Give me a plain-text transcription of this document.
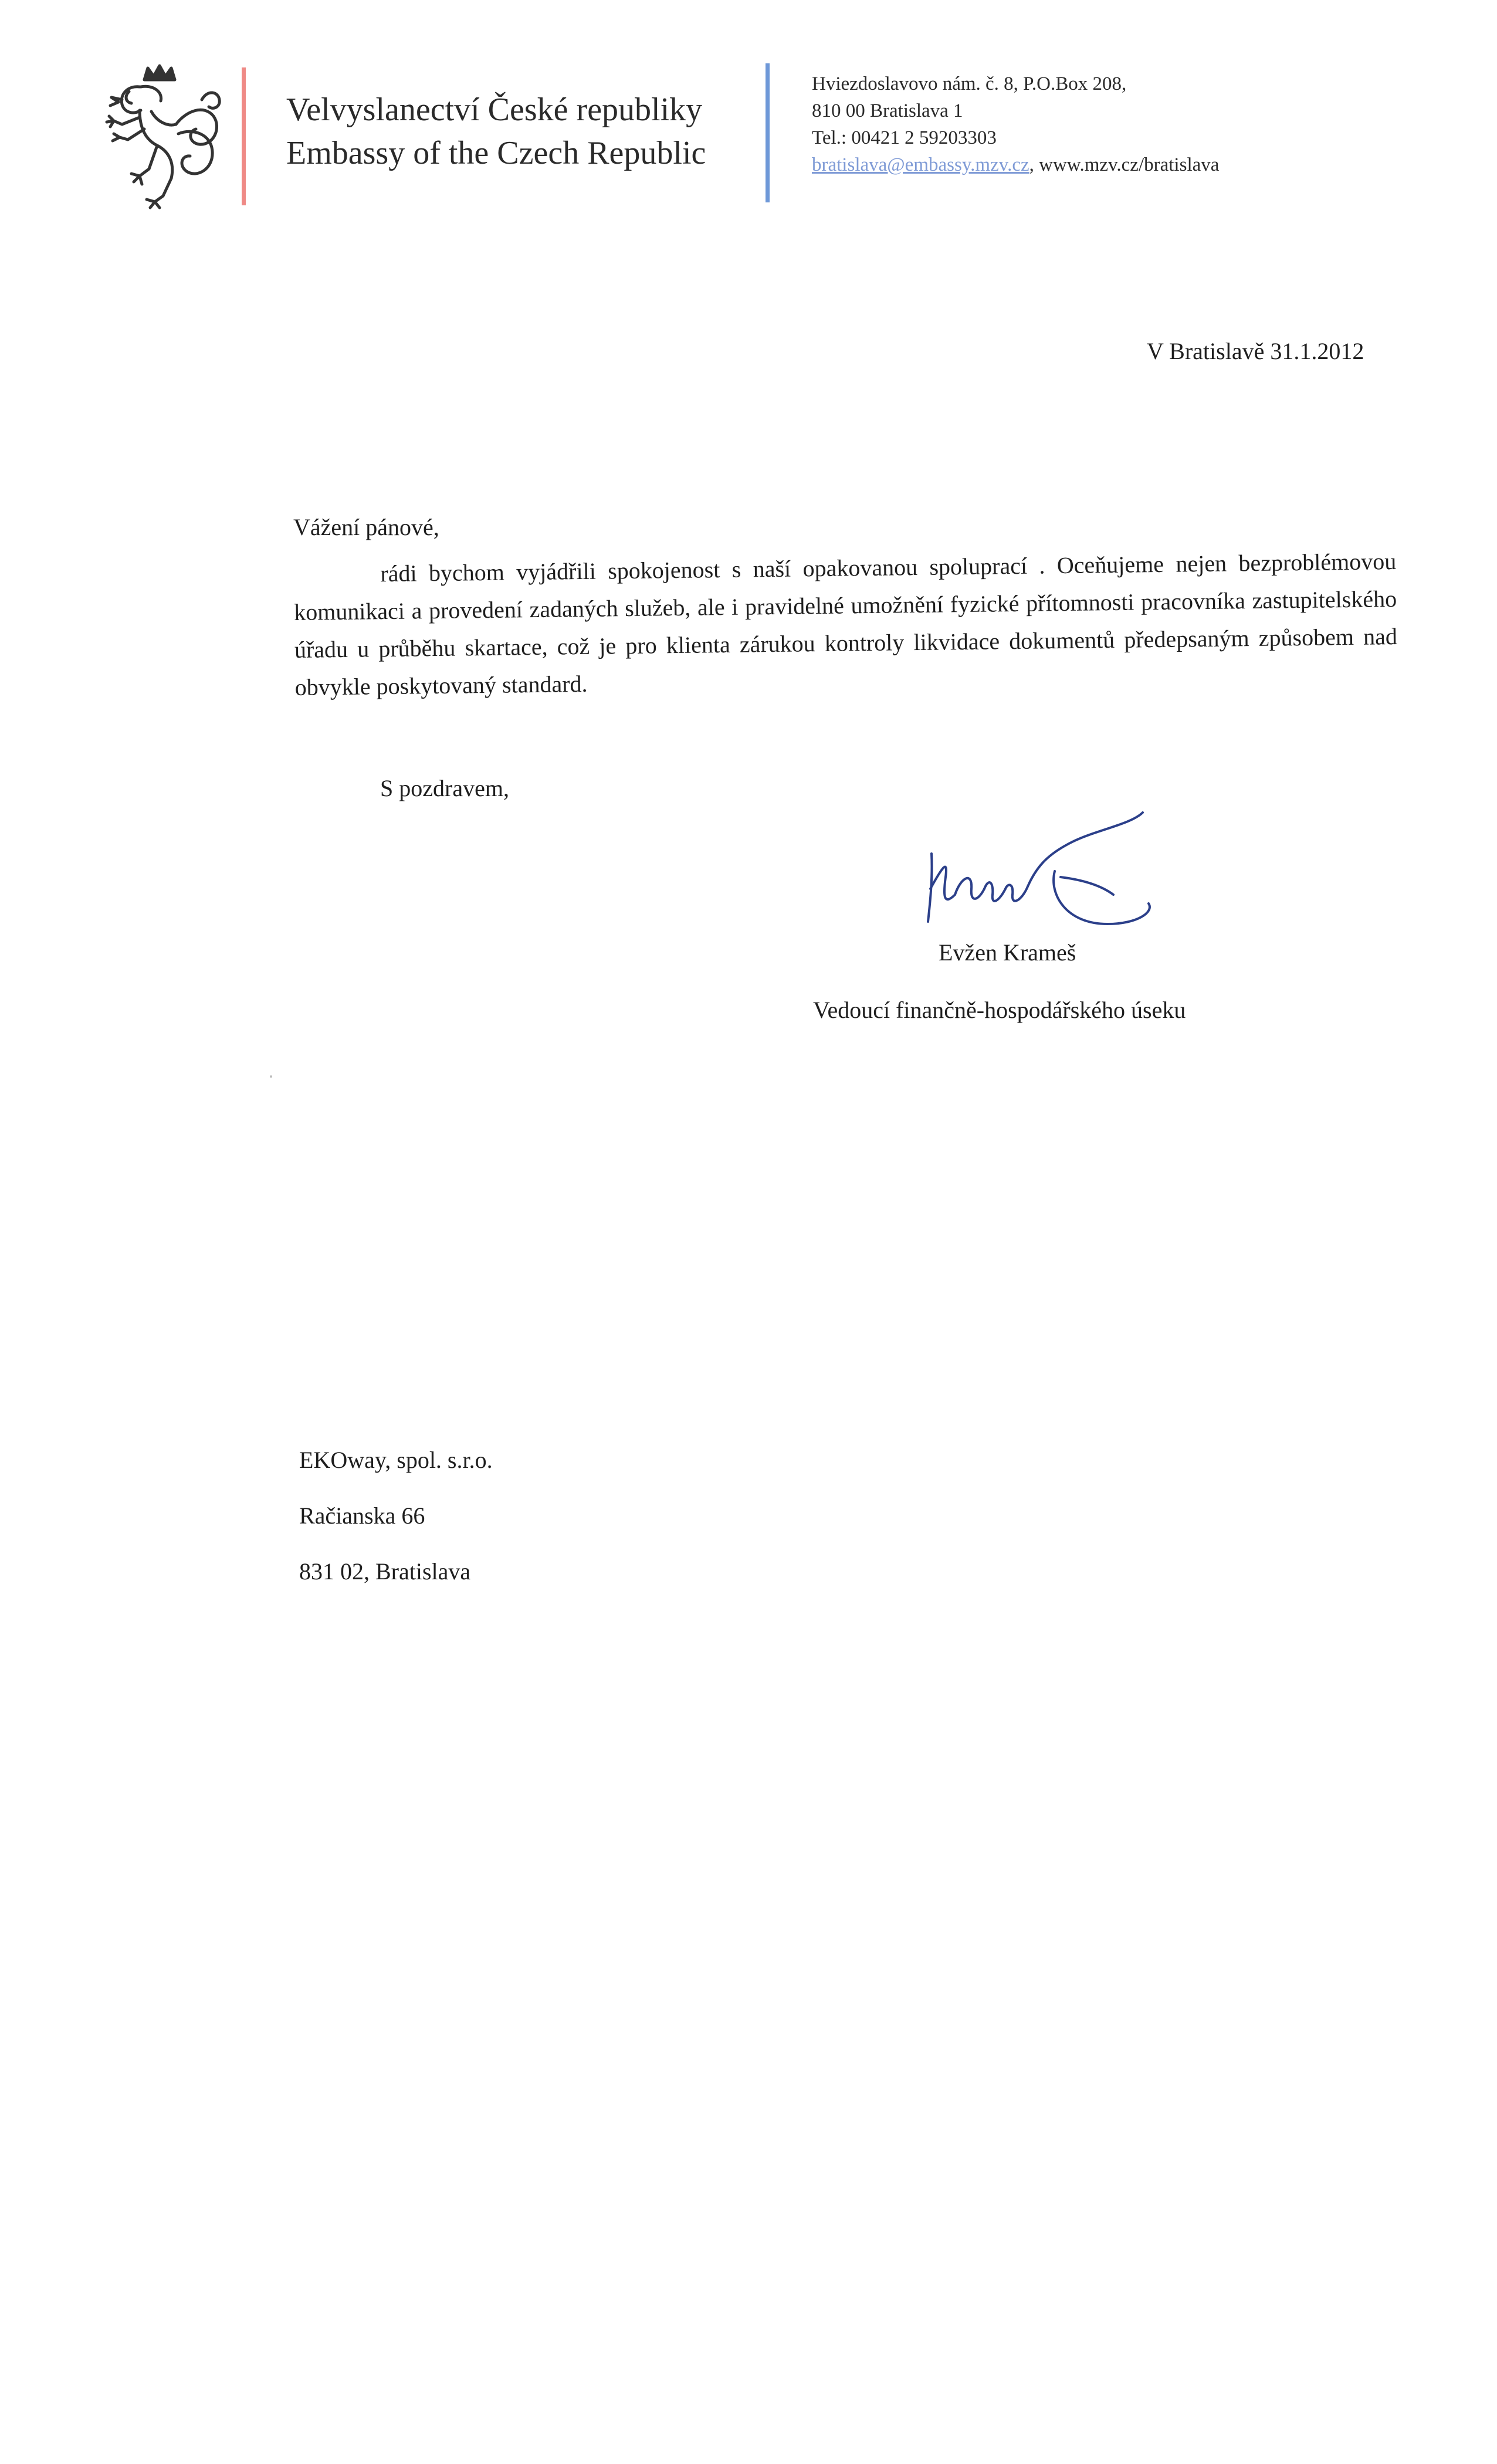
Velvyslanectví České republiky
Embassy of the Czech Republic
Hviezdoslavovo nám. č. 8, P.O.Box 208,
810 00 Bratislava 1
Tel.: 00421 2 59203303
bratislava@embassy.mzv.cz, www.mzv.cz/bratislava
V Bratislavě 31.1.2012
Vážení pánové,
rádi bychom vyjádřili spokojenost s naší opakovanou spoluprací . Oceňujeme nejen bezproblémovou komunikaci a provedení zadaných služeb, ale i pravidelné umožnění fyzické přítomnosti pracovníka zastupitelského úřadu u průběhu skartace, což je pro klienta zárukou kontroly likvidace dokumentů předepsaným způsobem nad obvykle poskytovaný standard.
S pozdravem,
Evžen Krameš
Vedoucí finančně-hospodářského úseku
EKOway, spol. s.r.o.
Račianska 66
831 02, Bratislava
